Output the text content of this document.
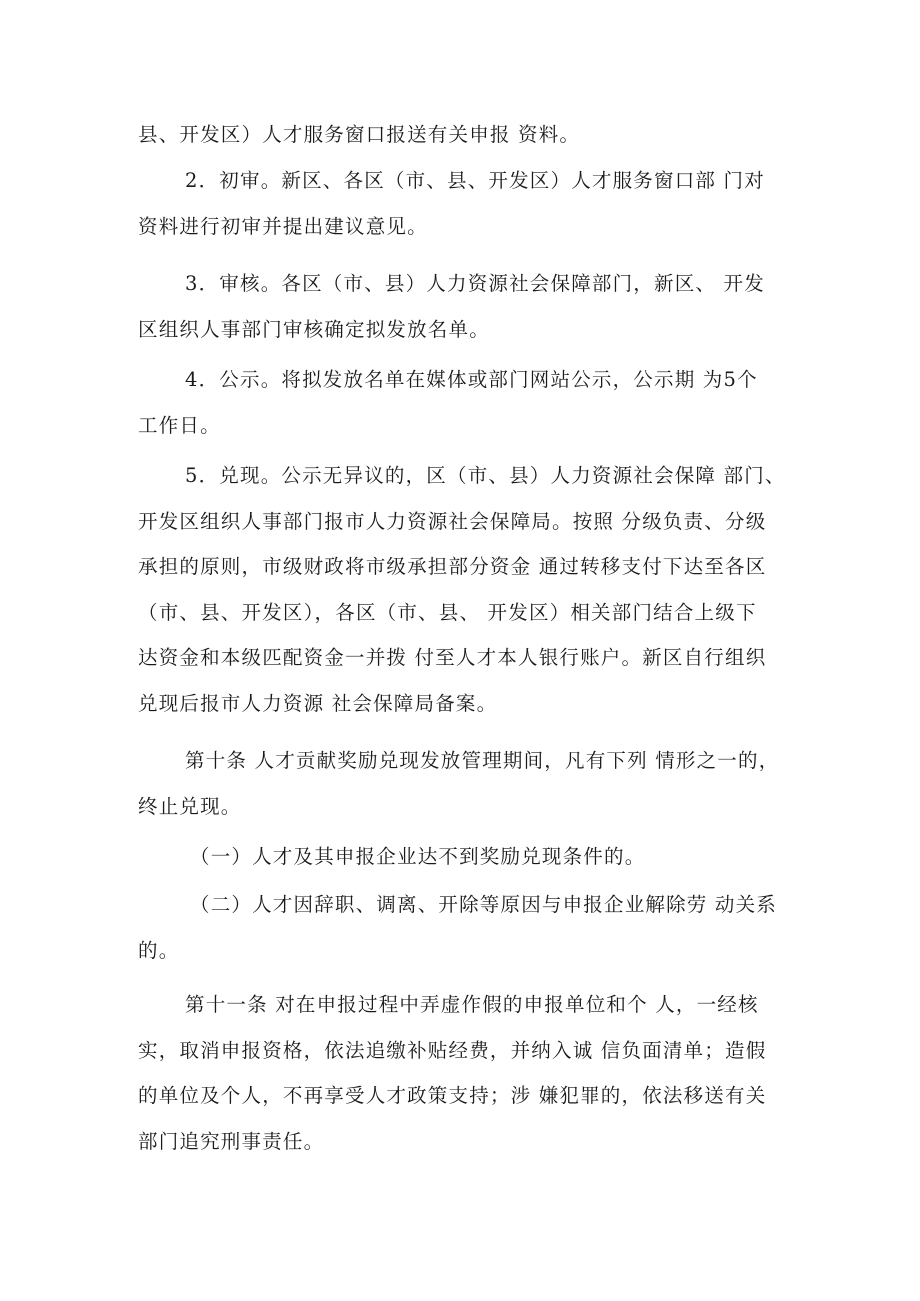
县、开发区）人才服务窗口报送有关申报 资料。
2．初审。新区、各区（市、县、开发区）人才服务窗口部 门对
资料进行初审并提出建议意见。
3．审核。各区（市、县）人力资源社会保障部门，新区、 开发
区组织人事部门审核确定拟发放名单。
4．公示。将拟发放名单在媒体或部门网站公示，公示期 为5个
工作日。
5．兑现。公示无异议的，区（市、县）人力资源社会保障 部门、
开发区组织人事部门报市人力资源社会保障局。按照 分级负责、分级
承担的原则，市级财政将市级承担部分资金 通过转移支付下达至各区
（市、县、开发区），各区（市、县、 开发区）相关部门结合上级下
达资金和本级匹配资金一并拨 付至人才本人银行账户。新区自行组织
兑现后报市人力资源 社会保障局备案。
第十条 人才贡献奖励兑现发放管理期间，凡有下列 情形之一的，
终止兑现。
（一）人才及其申报企业达不到奖励兑现条件的。
（二）人才因辞职、调离、开除等原因与申报企业解除劳 动关系
的。
第十一条 对在申报过程中弄虚作假的申报单位和个 人，一经核
实，取消申报资格，依法追缴补贴经费，并纳入诚 信负面清单；造假
的单位及个人，不再享受人才政策支持；涉 嫌犯罪的，依法移送有关
部门追究刑事责任。
